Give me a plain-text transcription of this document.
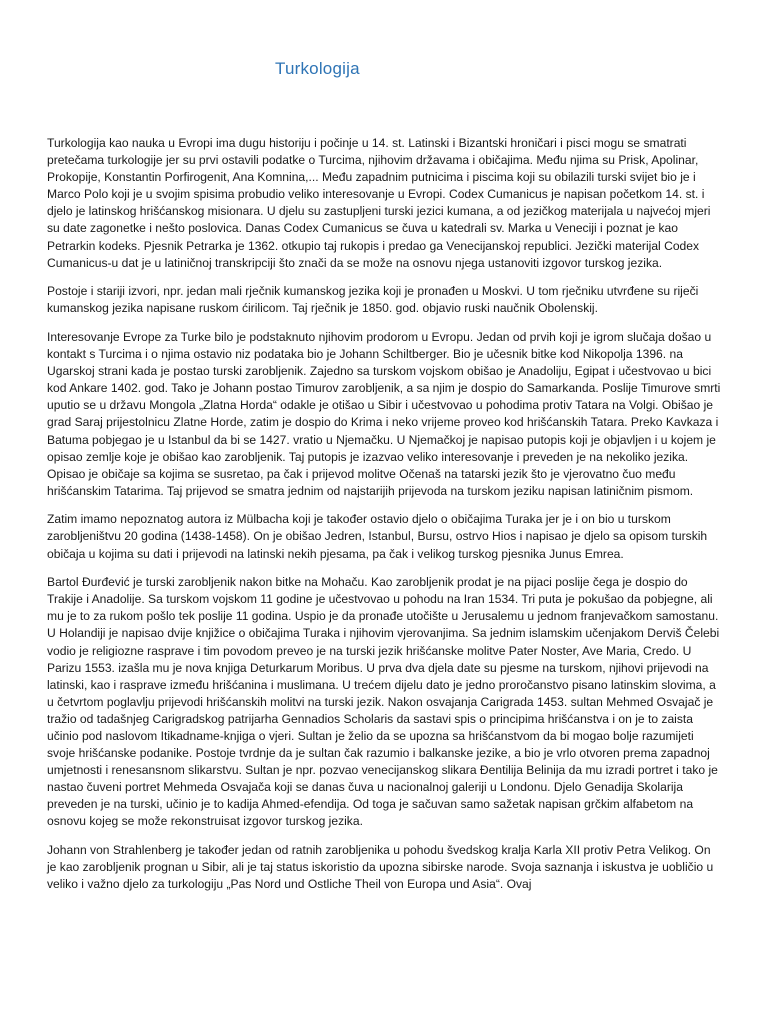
Turkologija

Turkologija kao nauka u Evropi ima dugu historiju i počinje u 14. st. Latinski i Bizantski hroničari i pisci mogu se smatrati pretečama turkologije jer su prvi ostavili podatke o Turcima, njihovim državama i običajima. Među njima su Prisk, Apolinar, Prokopije, Konstantin Porfirogenit, Ana Komnina,... Među zapadnim putnicima i piscima koji su obilazili turski svijet bio je i Marco Polo koji je u svojim spisima probudio veliko interesovanje u Evropi. Codex Cumanicus je napisan početkom 14. st. i djelo je latinskog hrišćanskog misionara. U djelu su zastupljeni turski jezici kumana, a od jezičkog materijala u najvećoj mjeri su date zagonetke i nešto poslovica. Danas Codex Cumanicus se čuva u katedrali sv. Marka u Veneciji i poznat je kao Petrarkin kodeks. Pjesnik Petrarka je 1362. otkupio taj rukopis i predao ga Venecijanskoj republici. Jezički materijal Codex Cumanicus-u dat je u latiničnoj transkripciji što znači da se može na osnovu njega ustanoviti izgovor turskog jezika.

Postoje i stariji izvori, npr. jedan mali rječnik kumanskog jezika koji je pronađen u Moskvi. U tom rječniku utvrđene su riječi kumanskog jezika napisane ruskom ćirilicom. Taj rječnik je 1850. god. objavio ruski naučnik Obolenskij.

Interesovanje Evrope za Turke bilo je podstaknuto njihovim prodorom u Evropu. Jedan od prvih koji je igrom slučaja došao u kontakt s Turcima i o njima ostavio niz podataka bio je Johann Schiltberger. Bio je učesnik bitke kod Nikopolja 1396. na Ugarskoj strani kada je postao turski zarobljenik. Zajedno sa turskom vojskom obišao je Anadoliju, Egipat i učestvovao u bici kod Ankare 1402. god. Tako je Johann postao Timurov zarobljenik, a sa njim je dospio do Samarkanda. Poslije Timurove smrti uputio se u državu Mongola „Zlatna Horda“ odakle je otišao u Sibir i učestvovao u pohodima protiv Tatara na Volgi. Obišao je grad Saraj prijestolnicu Zlatne Horde, zatim je dospio do Krima i neko vrijeme proveo kod hrišćanskih Tatara. Preko Kavkaza i Batuma pobjegao je u Istanbul da bi se 1427. vratio u Njemačku. U Njemačkoj je napisao putopis koji je objavljen i u kojem je opisao zemlje koje je obišao kao zarobljenik. Taj putopis je izazvao veliko interesovanje i preveden je na nekoliko jezika. Opisao je običaje sa kojima se susretao, pa čak i prijevod molitve Očenaš na tatarski jezik što je vjerovatno čuo među hrišćanskim Tatarima. Taj prijevod se smatra jednim od najstarijih prijevoda na turskom jeziku napisan latiničnim pismom.

Zatim imamo nepoznatog autora iz Mülbacha koji je također ostavio djelo o običajima Turaka jer je i on bio u turskom zarobljeništvu 20 godina (1438-1458). On je obišao Jedren, Istanbul, Bursu, ostrvo Hios i napisao je djelo sa opisom turskih običaja u kojima su dati i prijevodi na latinski nekih pjesama, pa čak i velikog turskog pjesnika Junus Emrea.

Bartol Đurđević je turski zarobljenik nakon bitke na Mohaču. Kao zarobljenik prodat je na pijaci poslije čega je dospio do Trakije i Anadolije. Sa turskom vojskom 11 godine je učestvovao u pohodu na Iran 1534. Tri puta je pokušao da pobjegne, ali mu je to za rukom pošlo tek poslije 11 godina. Uspio je da pronađe utočište u Jerusalemu u jednom franjevačkom samostanu. U Holandiji je napisao dvije knjižice o običajima Turaka i njihovim vjerovanjima. Sa jednim islamskim učenjakom Derviš Čelebi vodio je religiozne rasprave i tim povodom preveo je na turski jezik hrišćanske molitve Pater Noster, Ave Maria, Credo. U Parizu 1553. izašla mu je nova knjiga Deturkarum Moribus. U prva dva djela date su pjesme na turskom, njihovi prijevodi na latinski, kao i rasprave između hrišćanina i muslimana. U trećem dijelu dato je jedno proročanstvo pisano latinskim slovima, a u četvrtom poglavlju prijevodi hrišćanskih molitvi na turski jezik. Nakon osvajanja Carigrada 1453. sultan Mehmed Osvajač je tražio od tadašnjeg Carigradskog patrijarha Gennadios Scholaris da sastavi spis o principima hrišćanstva i on je to zaista učinio pod naslovom Itikadname-knjiga o vjeri. Sultan je želio da se upozna sa hrišćanstvom da bi mogao bolje razumijeti svoje hrišćanske podanike. Postoje tvrdnje da je sultan čak razumio i balkanske jezike, a bio je vrlo otvoren prema zapadnoj umjetnosti i renesansnom slikarstvu. Sultan je npr. pozvao venecijanskog slikara Đentilija Belinija da mu izradi portret i tako je nastao čuveni portret Mehmeda Osvajača koji se danas čuva u nacionalnoj galeriji u Londonu. Djelo Genadija Skolarija preveden je na turski, učinio je to kadija Ahmed-efendija. Od toga je sačuvan samo sažetak napisan grčkim alfabetom na osnovu kojeg se može rekonstruisat izgovor turskog jezika.

Johann von Strahlenberg je također jedan od ratnih zarobljenika u pohodu švedskog kralja Karla XII protiv Petra Velikog. On je kao zarobljenik prognan u Sibir, ali je taj status iskoristio da upozna sibirske narode. Svoja saznanja i iskustva je uobličio u veliko i važno djelo za turkologiju „Pas Nord und Ostliche Theil von Europa und Asia“. Ovaj
